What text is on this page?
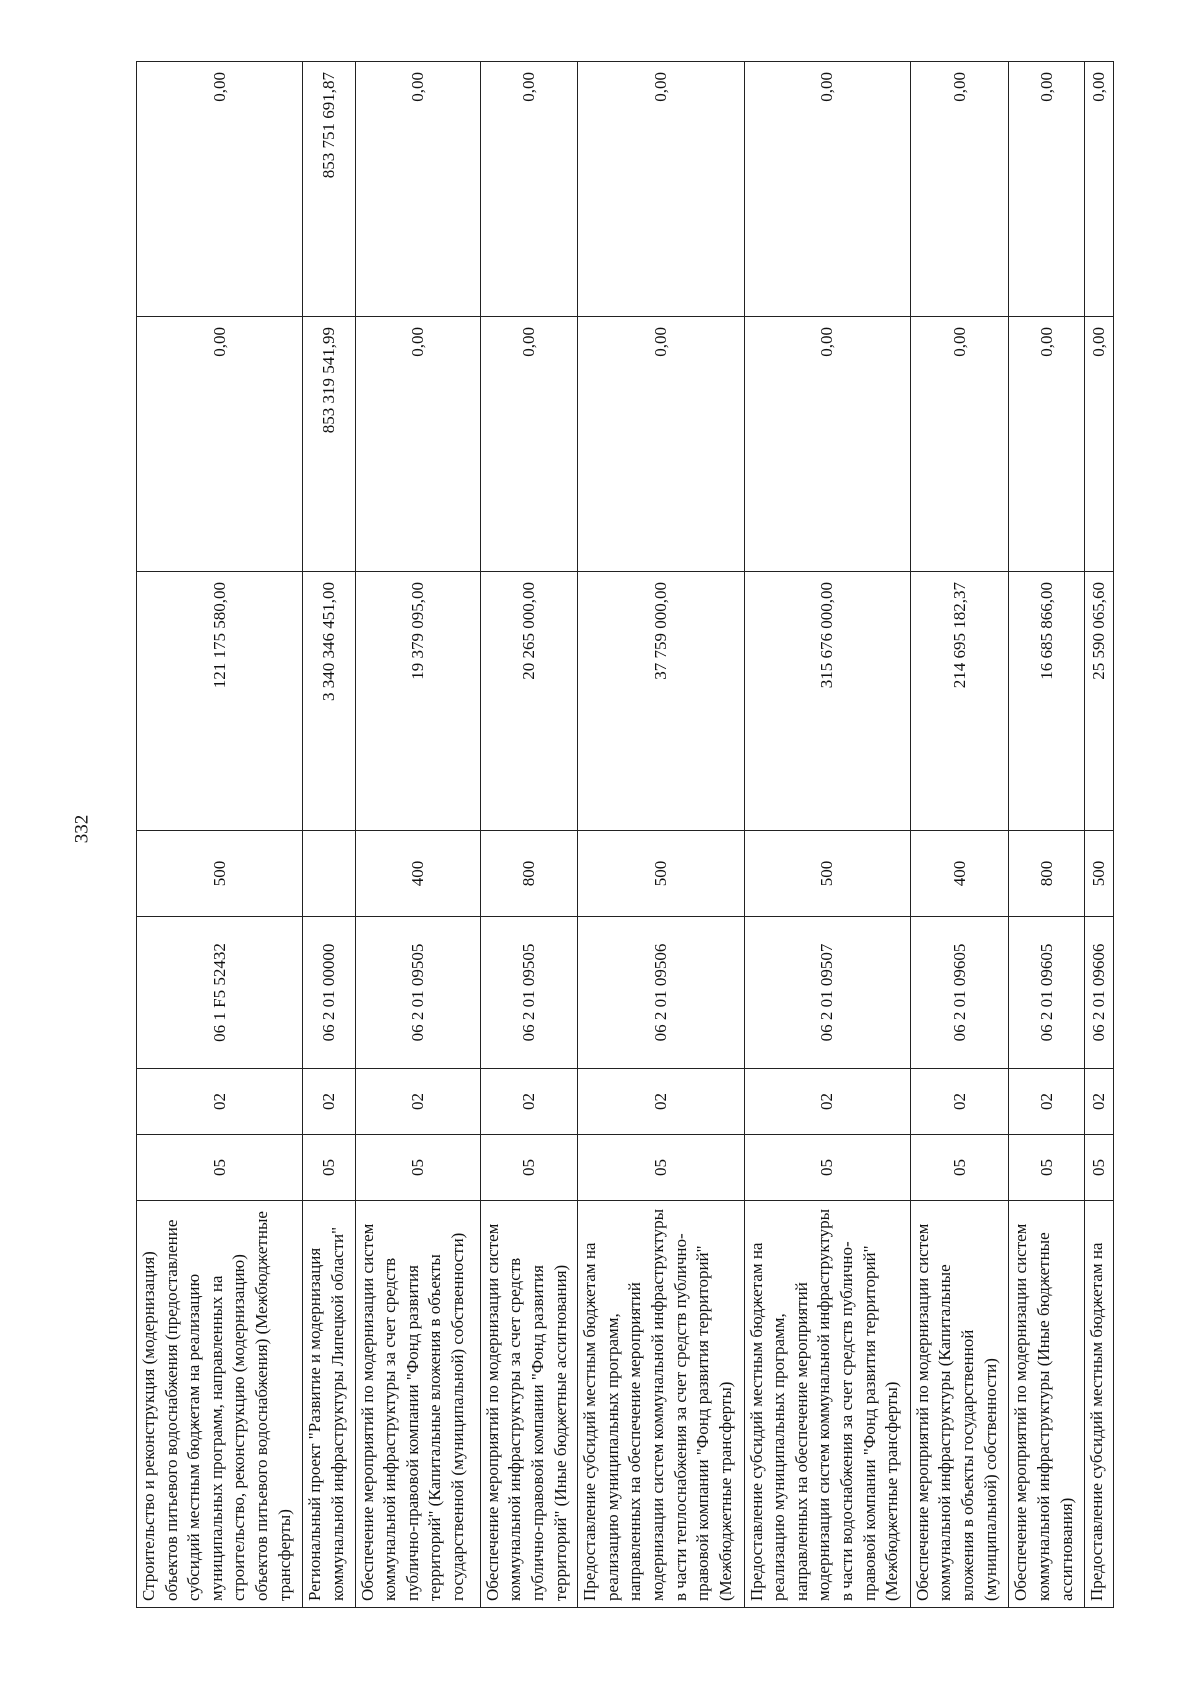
332
Строительство и реконструкция (модернизация) объектов питьевого водоснабжения (предоставление субсидий местным бюджетам на реализацию муниципальных программ, направленных на строительство, реконструкцию (модернизацию) объектов питьевого водоснабжения) (Межбюджетные трансферты)	05	02	06 1 F5 52432	500	121 175 580,00	0,00	0,00
Региональный проект "Развитие и модернизация коммунальной инфраструктуры Липецкой области"	05	02	06 2 01 00000		3 340 346 451,00	853 319 541,99	853 751 691,87
Обеспечение мероприятий по модернизации систем коммунальной инфраструктуры за счет средств публично-правовой компании "Фонд развития территорий" (Капитальные вложения в объекты государственной (муниципальной) собственности)	05	02	06 2 01 09505	400	19 379 095,00	0,00	0,00
Обеспечение мероприятий по модернизации систем коммунальной инфраструктуры за счет средств публично-правовой компании "Фонд развития территорий" (Иные бюджетные ассигнования)	05	02	06 2 01 09505	800	20 265 000,00	0,00	0,00
Предоставление субсидий местным бюджетам на реализацию муниципальных программ, направленных на обеспечение мероприятий модернизации систем коммунальной инфраструктуры в части теплоснабжения за счет средств публично-правовой компании "Фонд развития территорий" (Межбюджетные трансферты)	05	02	06 2 01 09506	500	37 759 000,00	0,00	0,00
Предоставление субсидий местным бюджетам на реализацию муниципальных программ, направленных на обеспечение мероприятий модернизации систем коммунальной инфраструктуры в части водоснабжения за счет средств публично-правовой компании "Фонд развития территорий" (Межбюджетные трансферты)	05	02	06 2 01 09507	500	315 676 000,00	0,00	0,00
Обеспечение мероприятий по модернизации систем коммунальной инфраструктуры (Капитальные вложения в объекты государственной (муниципальной) собственности)	05	02	06 2 01 09605	400	214 695 182,37	0,00	0,00
Обеспечение мероприятий по модернизации систем коммунальной инфраструктуры (Иные бюджетные ассигнования)	05	02	06 2 01 09605	800	16 685 866,00	0,00	0,00
Предоставление субсидий местным бюджетам на	05	02	06 2 01 09606	500	25 590 065,60	0,00	0,00
